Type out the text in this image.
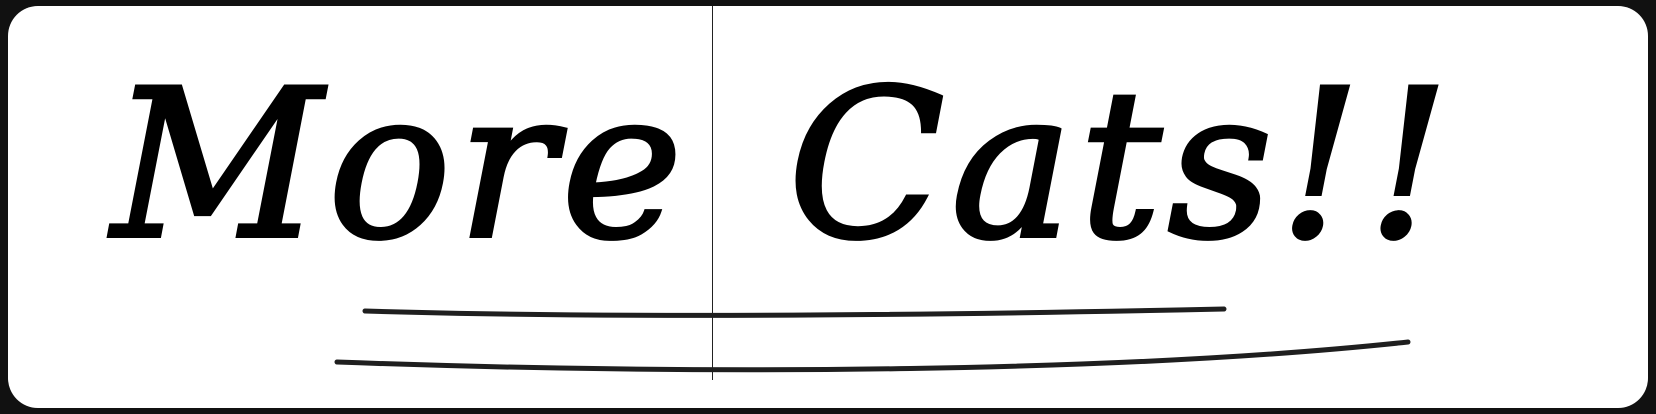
More Cats!!
